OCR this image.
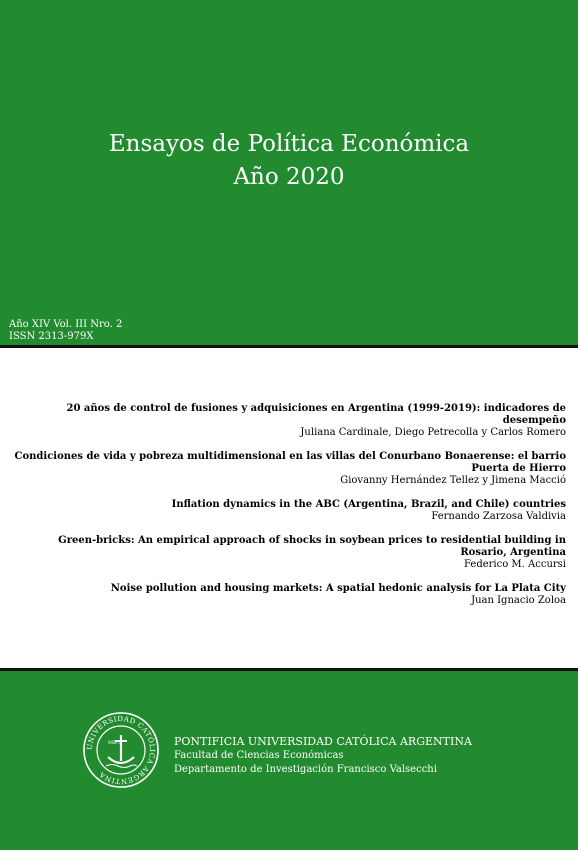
Ensayos de Política Económica
Año 2020
Año XIV Vol. III Nro. 2
ISSN 2313-979X
20 años de control de fusiones y adquisiciones en Argentina (1999-2019): indicadores de desempeño
Juliana Cardinale, Diego Petrecolla y Carlos Romero
Condiciones de vida y pobreza multidimensional en las villas del Conurbano Bonaerense: el barrio Puerta de Hierro
Giovanny Hernández Tellez y Jimena Macció
Inflation dynamics in the ABC (Argentina, Brazil, and Chile) countries
Fernando Zarzosa Valdivia
Green-bricks: An empirical approach of shocks in soybean prices to residential building in Rosario, Argentina
Federico M. Accursi
Noise pollution and housing markets: A spatial hedonic analysis for La Plata City
Juan Ignacio Zoloa
UNIVERSIDAD CATÓLICA ARGENTINA
MB A	PONTIFICIA UNIVERSIDAD CATÓLICA ARGENTINA
Facultad de Ciencias Económicas
Departamento de Investigación Francisco Valsecchi
